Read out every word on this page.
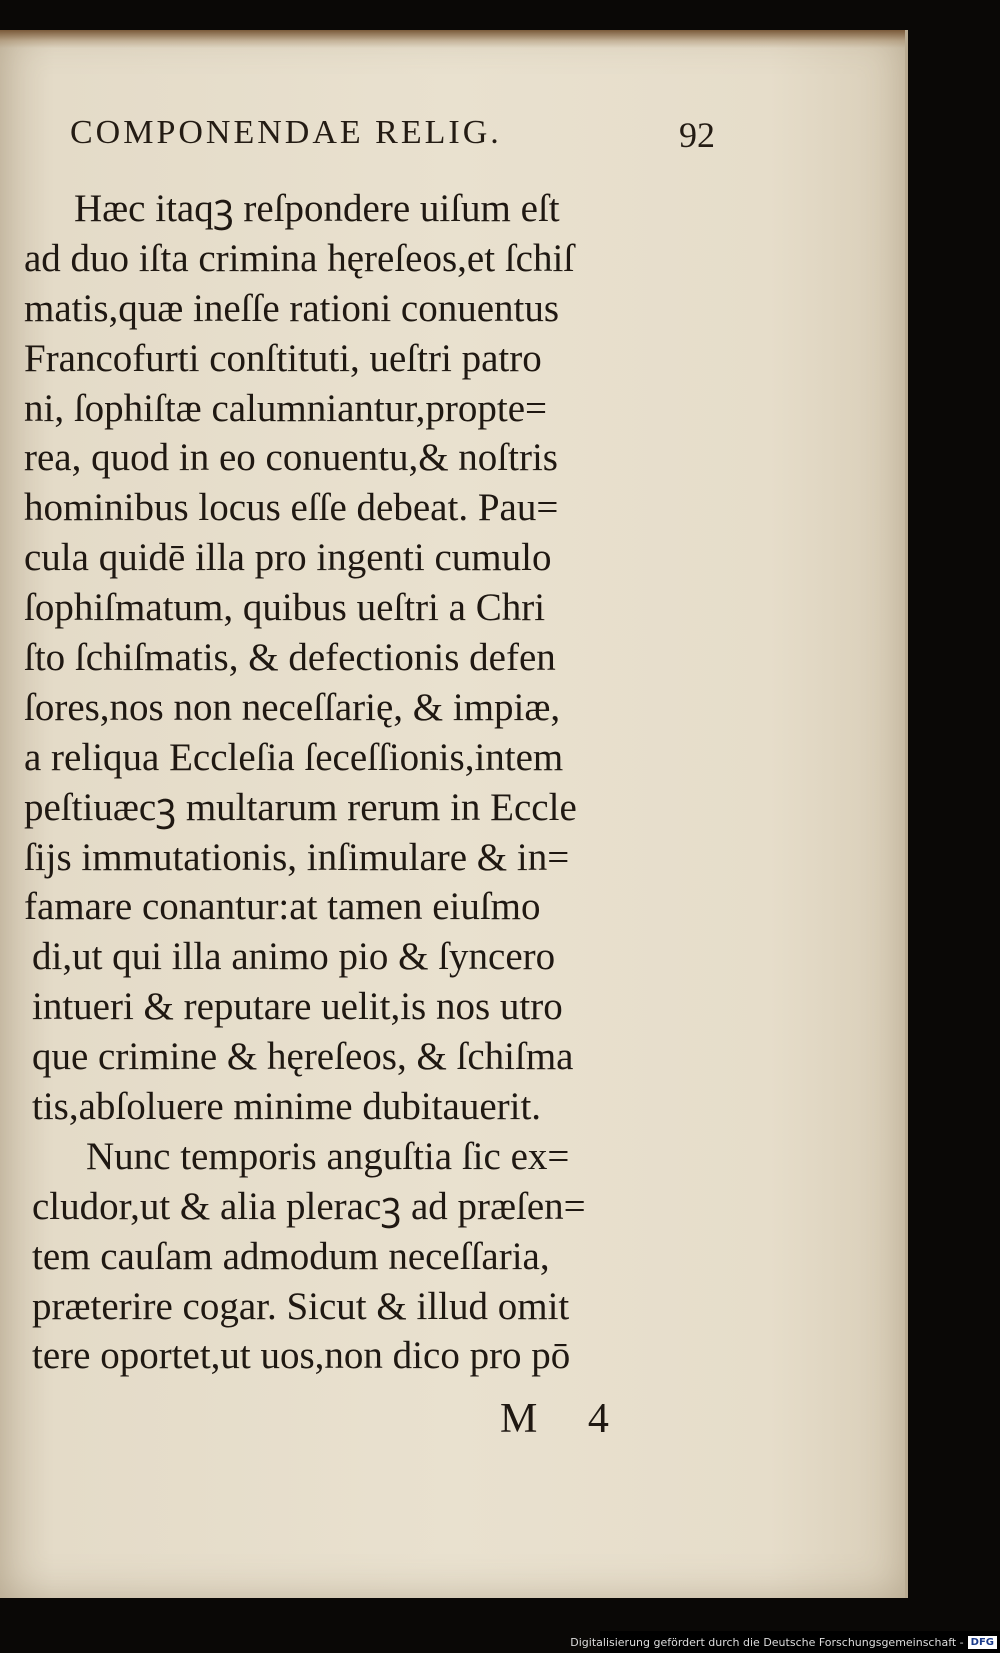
COMPONENDAE RELIG.	92
Hæc itaqꝫ reſpondere uiſum eſt
ad duo iſta crimina hęreſeos,et ſchiſ
matis,quæ ineſſe rationi conuentus
Francofurti conſtituti, ueſtri patro
ni, ſophiſtæ calumniantur,propte=
rea, quod in eo conuentu,& noſtris
hominibus locus eſſe debeat. Pau=
cula quidē illa pro ingenti cumulo
ſophiſmatum, quibus ueſtri a Chri
ſto ſchiſmatis, & defectionis defen
ſores,nos non neceſſarię, & impiæ,
a reliqua Eccleſia ſeceſſionis,intem
peſtiuæcꝫ multarum rerum in Eccle
ſijs immutationis, inſimulare & in=
famare conantur:at tamen eiuſmo
di,ut qui illa animo pio & ſyncero
intueri & reputare uelit,is nos utro
que crimine & hęreſeos, & ſchiſma
tis,abſoluere minime dubitauerit.
Nunc temporis anguſtia ſic ex=
cludor,ut & alia pleracꝫ ad præſen=
tem cauſam admodum neceſſaria,
præterire cogar. Sicut & illud omit
tere oportet,ut uos,non dico pro pō
M 4
Digitalisierung gefördert durch die Deutsche Forschungsgemeinschaft - DFG
